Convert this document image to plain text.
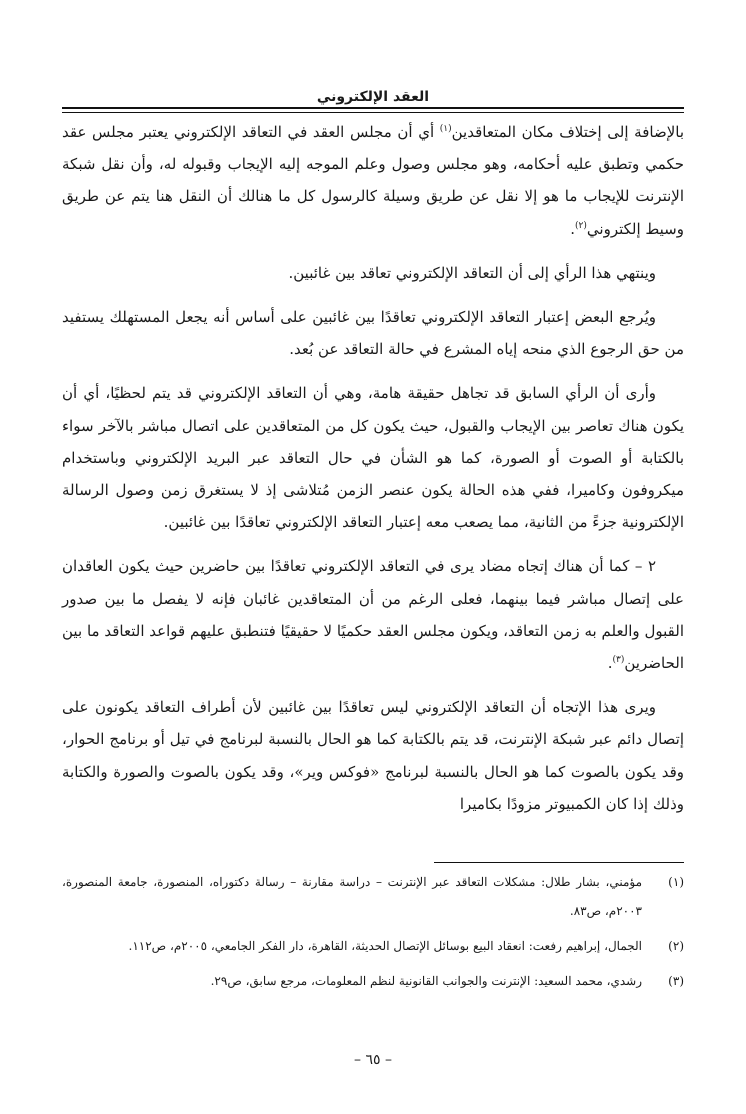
العقد الإلكتروني

بالإضافة إلى إختلاف مكان المتعاقدين$^{(١)}$ أي أن مجلس العقد في التعاقد الإلكتروني يعتبر مجلس عقد حكمي وتطبق عليه أحكامه، وهو مجلس وصول وعلم الموجه إليه الإيجاب وقبوله له، وأن نقل شبكة الإنترنت للإيجاب ما هو إلا نقل عن طريق وسيلة كالرسول كل ما هنالك أن النقل هنا يتم عن طريق وسيط إلكتروني$^{(٢)}$.

وينتهي هذا الرأي إلى أن التعاقد الإلكتروني تعاقد بين غائبين.

ويُرجع البعض إعتبار التعاقد الإلكتروني تعاقدًا بين غائبين على أساس أنه يجعل المستهلك يستفيد من حق الرجوع الذي منحه إياه المشرع في حالة التعاقد عن بُعد.

وأرى أن الرأي السابق قد تجاهل حقيقة هامة، وهي أن التعاقد الإلكتروني قد يتم لحظيًا، أي أن يكون هناك تعاصر بين الإيجاب والقبول، حيث يكون كل من المتعاقدين على اتصال مباشر بالآخر سواء بالكتابة أو الصوت أو الصورة، كما هو الشأن في حال التعاقد عبر البريد الإلكتروني وباستخدام ميكروفون وكاميرا، ففي هذه الحالة يكون عنصر الزمن مُتلاشى إذ لا يستغرق زمن وصول الرسالة الإلكترونية جزءً من الثانية، مما يصعب معه إعتبار التعاقد الإلكتروني تعاقدًا بين غائبين.

٢ – كما أن هناك إتجاه مضاد يرى في التعاقد الإلكتروني تعاقدًا بين حاضرين حيث يكون العاقدان على إتصال مباشر فيما بينهما، فعلى الرغم من أن المتعاقدين غائبان فإنه لا يفصل ما بين صدور القبول والعلم به زمن التعاقد، ويكون مجلس العقد حكميًا لا حقيقيًا فتنطبق عليهم قواعد التعاقد ما بين الحاضرين$^{(٣)}$.

ويرى هذا الإتجاه أن التعاقد الإلكتروني ليس تعاقدًا بين غائبين لأن أطراف التعاقد يكونون على إتصال دائم عبر شبكة الإنترنت، قد يتم بالكتابة كما هو الحال بالنسبة لبرنامج في تيل أو برنامج الحوار، وقد يكون بالصوت كما هو الحال بالنسبة لبرنامج «فوكس وير»، وقد يكون بالصوت والصورة والكتابة وذلك إذا كان الكمبيوتر مزودًا بكاميرا

(١)
مؤمني، بشار طلال: مشكلات التعاقد عبر الإنترنت – دراسة مقارنة – رسالة دكتوراه، المنصورة، جامعة المنصورة، ٢٠٠٣م، ص٨٣.
(٢)
الجمال، إبراهيم رفعت: انعقاد البيع بوسائل الإتصال الحديثة، القاهرة، دار الفكر الجامعي، ٢٠٠٥م، ص١١٢.
(٣)
رشدي، محمد السعيد: الإنترنت والجوانب القانونية لنظم المعلومات، مرجع سابق، ص٢٩.
– ٦٥ –
